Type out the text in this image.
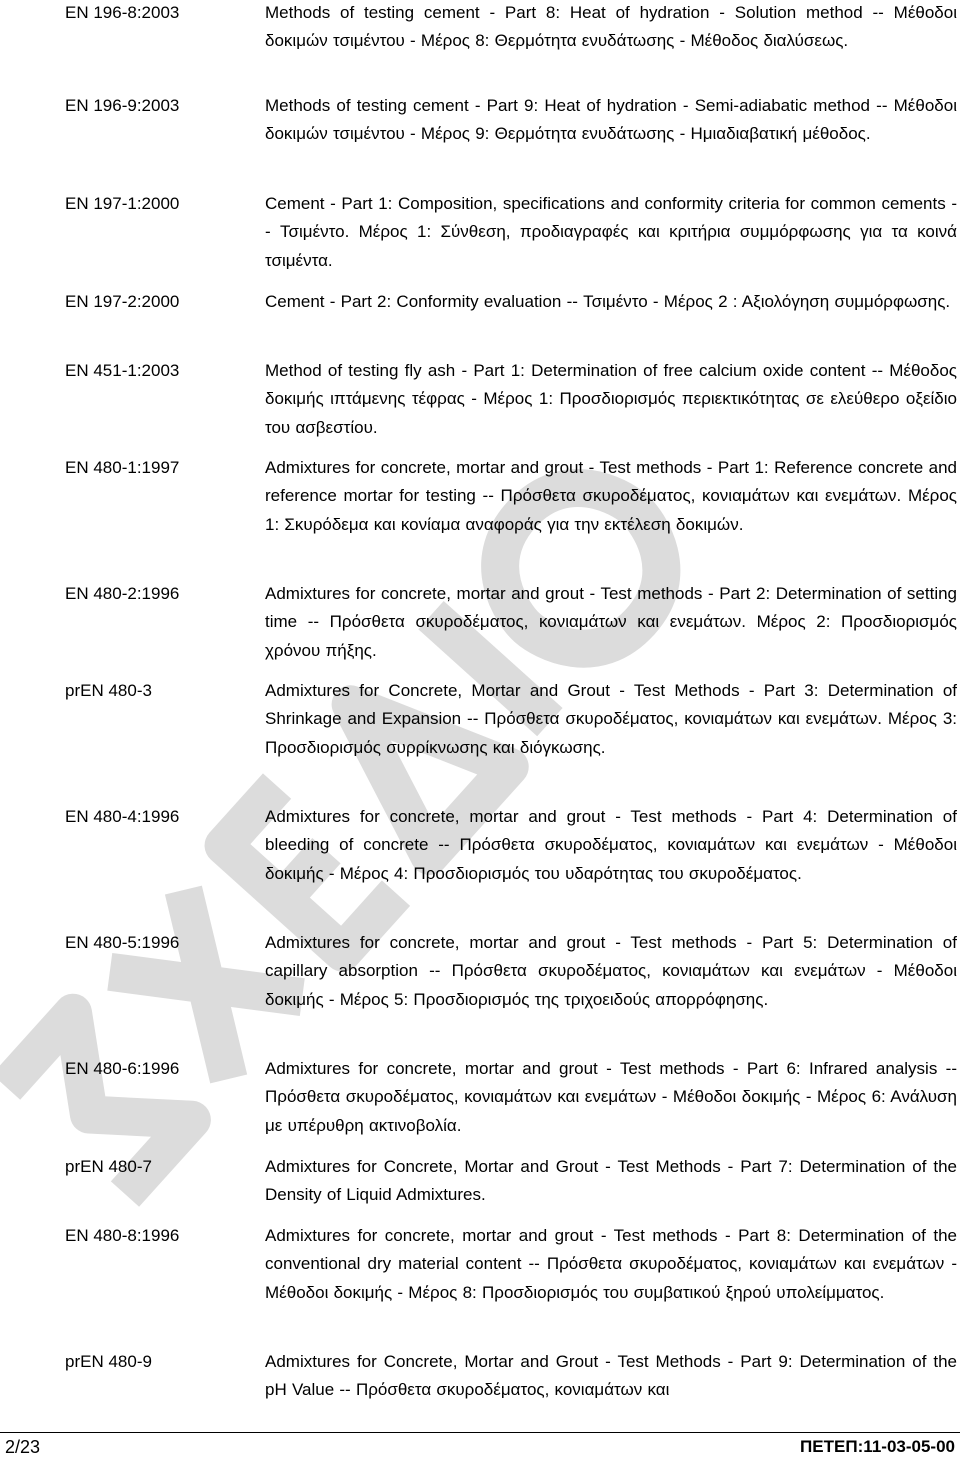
EN 196-8:2003	Methods of testing cement - Part 8: Heat of hydration - Solution method -- Μέθοδοι δοκιμών τσιμέντου - Μέρος 8: Θερμότητα ενυδάτωσης - Μέθοδος διαλύσεως.
EN 196-9:2003	Methods of testing cement - Part 9: Heat of hydration - Semi-adiabatic method -- Μέθοδοι δοκιμών τσιμέντου - Μέρος 9: Θερμότητα ενυδάτωσης - Ημιαδιαβατική μέθοδος.
EN 197-1:2000	Cement - Part 1: Composition, specifications and conformity criteria for common cements -- Τσιμέντο. Μέρος 1: Σύνθεση, προδιαγραφές και κριτήρια συμμόρφωσης για τα κοινά τσιμέντα.
EN 197-2:2000	Cement - Part 2: Conformity evaluation -- Τσιμέντο - Μέρος 2 : Αξιολόγηση συμμόρφωσης.
EN 451-1:2003	Method of testing fly ash - Part 1: Determination of free calcium oxide content -- Μέθοδος δοκιμής ιπτάμενης τέφρας - Μέρος 1: Προσδιορισμός περιεκτικότητας σε ελεύθερο οξείδιο του ασβεστίου.
EN 480-1:1997	Admixtures for concrete, mortar and grout - Test methods - Part 1: Reference concrete and reference mortar for testing -- Πρόσθετα σκυροδέματος, κονιαμάτων και ενεμάτων. Μέρος 1: Σκυρόδεμα και κονίαμα αναφοράς για την εκτέλεση δοκιμών.
EN 480-2:1996	Admixtures for concrete, mortar and grout - Test methods - Part 2: Determination of setting time -- Πρόσθετα σκυροδέματος, κονιαμάτων και ενεμάτων. Μέρος 2: Προσδιορισμός χρόνου πήξης.
prEN 480-3	Admixtures for Concrete, Mortar and Grout - Test Methods - Part 3: Determination of Shrinkage and Expansion -- Πρόσθετα σκυροδέματος, κονιαμάτων και ενεμάτων. Μέρος 3: Προσδιορισμός συρρίκνωσης και διόγκωσης.
EN 480-4:1996	Admixtures for concrete, mortar and grout - Test methods - Part 4: Determination of bleeding of concrete -- Πρόσθετα σκυροδέματος, κονιαμάτων και ενεμάτων - Μέθοδοι δοκιμής - Μέρος 4: Προσδιορισμός του υδαρότητας του σκυροδέματος.
EN 480-5:1996	Admixtures for concrete, mortar and grout - Test methods - Part 5: Determination of capillary absorption -- Πρόσθετα σκυροδέματος, κονιαμάτων και ενεμάτων - Μέθοδοι δοκιμής - Μέρος 5: Προσδιορισμός της τριχοειδούς απορρόφησης.
EN 480-6:1996	Admixtures for concrete, mortar and grout - Test methods - Part 6: Infrared analysis -- Πρόσθετα σκυροδέματος, κονιαμάτων και ενεμάτων - Μέθοδοι δοκιμής - Μέρος 6: Ανάλυση με υπέρυθρη ακτινοβολία.
prEN 480-7	Admixtures for Concrete, Mortar and Grout - Test Methods - Part 7: Determination of the Density of Liquid Admixtures.
EN 480-8:1996	Admixtures for concrete, mortar and grout - Test methods - Part 8: Determination of the conventional dry material content -- Πρόσθετα σκυροδέματος, κονιαμάτων και ενεμάτων - Μέθοδοι δοκιμής - Μέρος 8: Προσδιορισμός του συμβατικού ξηρού υπολείμματος.
prEN 480-9	Admixtures for Concrete, Mortar and Grout - Test Methods - Part 9: Determination of the pH Value -- Πρόσθετα σκυροδέματος, κονιαμάτων και
2/23	ΠΕΤΕΠ:11-03-05-00
